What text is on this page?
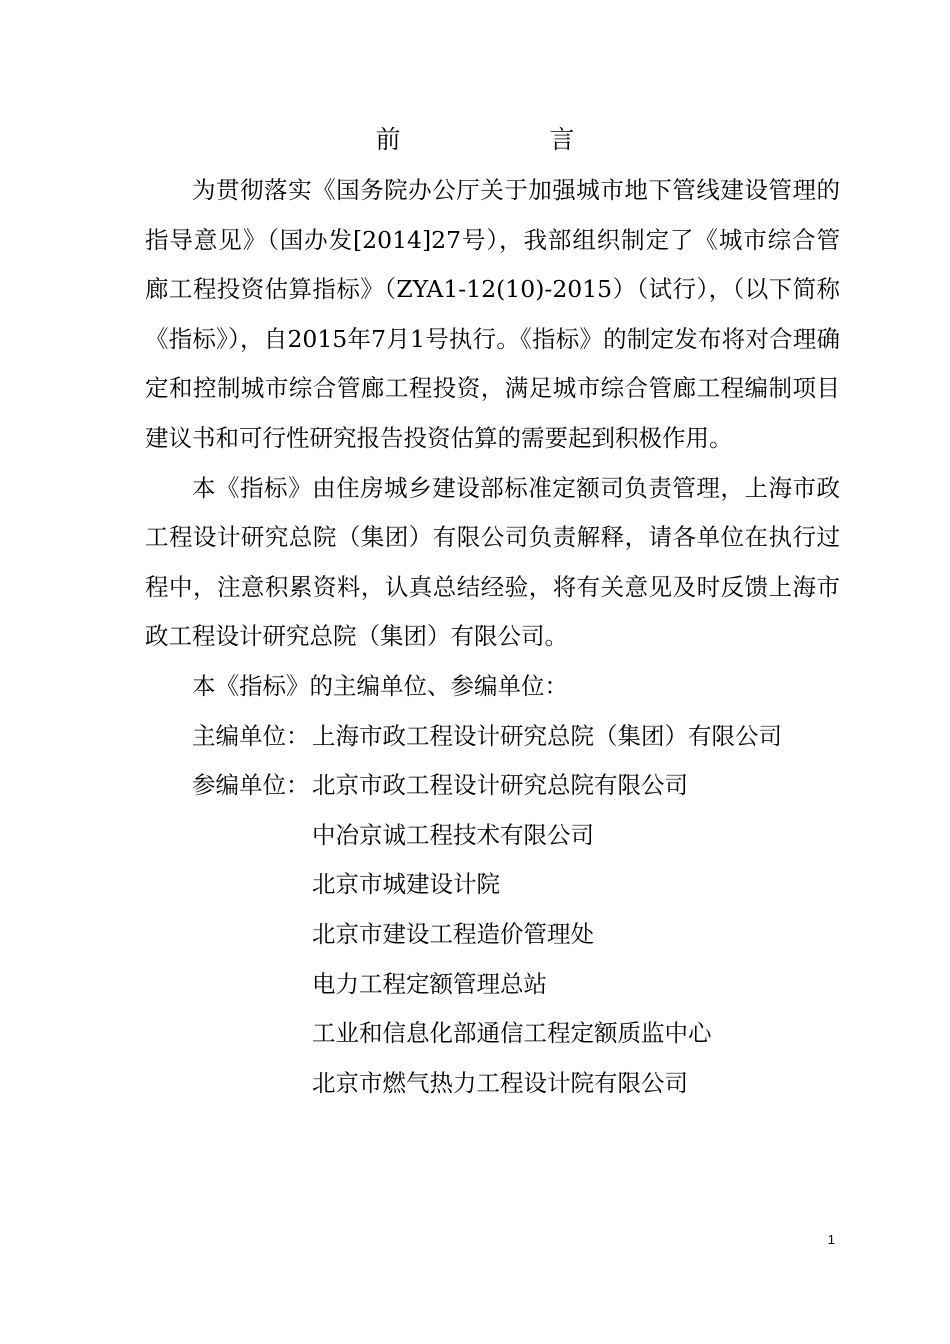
前　言

为贯彻落实《国务院办公厅关于加强城市地下管线建设管理的指导意见》（国办发[2014]27号），我部组织制定了《城市综合管廊工程投资估算指标》（ZYA1-12(10)-2015）（试行），（以下简称《指标》），自2015年7月1号执行。《指标》的制定发布将对合理确定和控制城市综合管廊工程投资，满足城市综合管廊工程编制项目建议书和可行性研究报告投资估算的需要起到积极作用。

本《指标》由住房城乡建设部标准定额司负责管理，上海市政工程设计研究总院（集团）有限公司负责解释，请各单位在执行过程中，注意积累资料，认真总结经验，将有关意见及时反馈上海市政工程设计研究总院（集团）有限公司。

本《指标》的主编单位、参编单位：

主编单位： 上海市政工程设计研究总院（集团）有限公司

参编单位： 北京市政工程设计研究总院有限公司

中冶京诚工程技术有限公司

北京市城建设计院

北京市建设工程造价管理处

电力工程定额管理总站

工业和信息化部通信工程定额质监中心

北京市燃气热力工程设计院有限公司

1
